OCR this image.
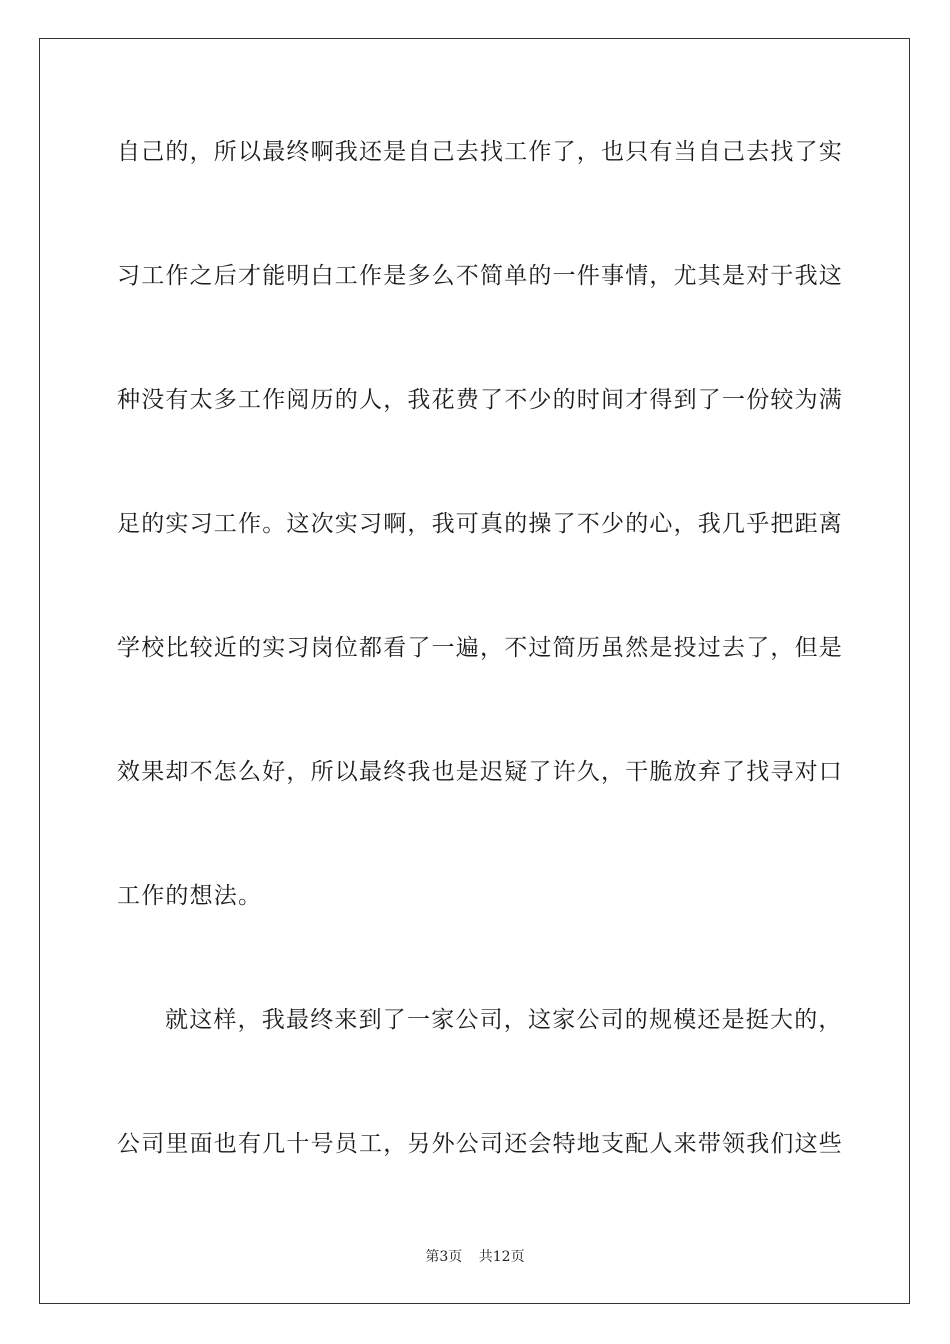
自己的，所以最终啊我还是自己去找工作了，也只有当自己去找了实
习工作之后才能明白工作是多么不简单的一件事情，尤其是对于我这
种没有太多工作阅历的人，我花费了不少的时间才得到了一份较为满
足的实习工作。这次实习啊，我可真的操了不少的心，我几乎把距离
学校比较近的实习岗位都看了一遍，不过简历虽然是投过去了，但是
效果却不怎么好，所以最终我也是迟疑了许久，干脆放弃了找寻对口
工作的想法。
就这样，我最终来到了一家公司，这家公司的规模还是挺大的，
公司里面也有几十号员工，另外公司还会特地支配人来带领我们这些
第3页 共12页
